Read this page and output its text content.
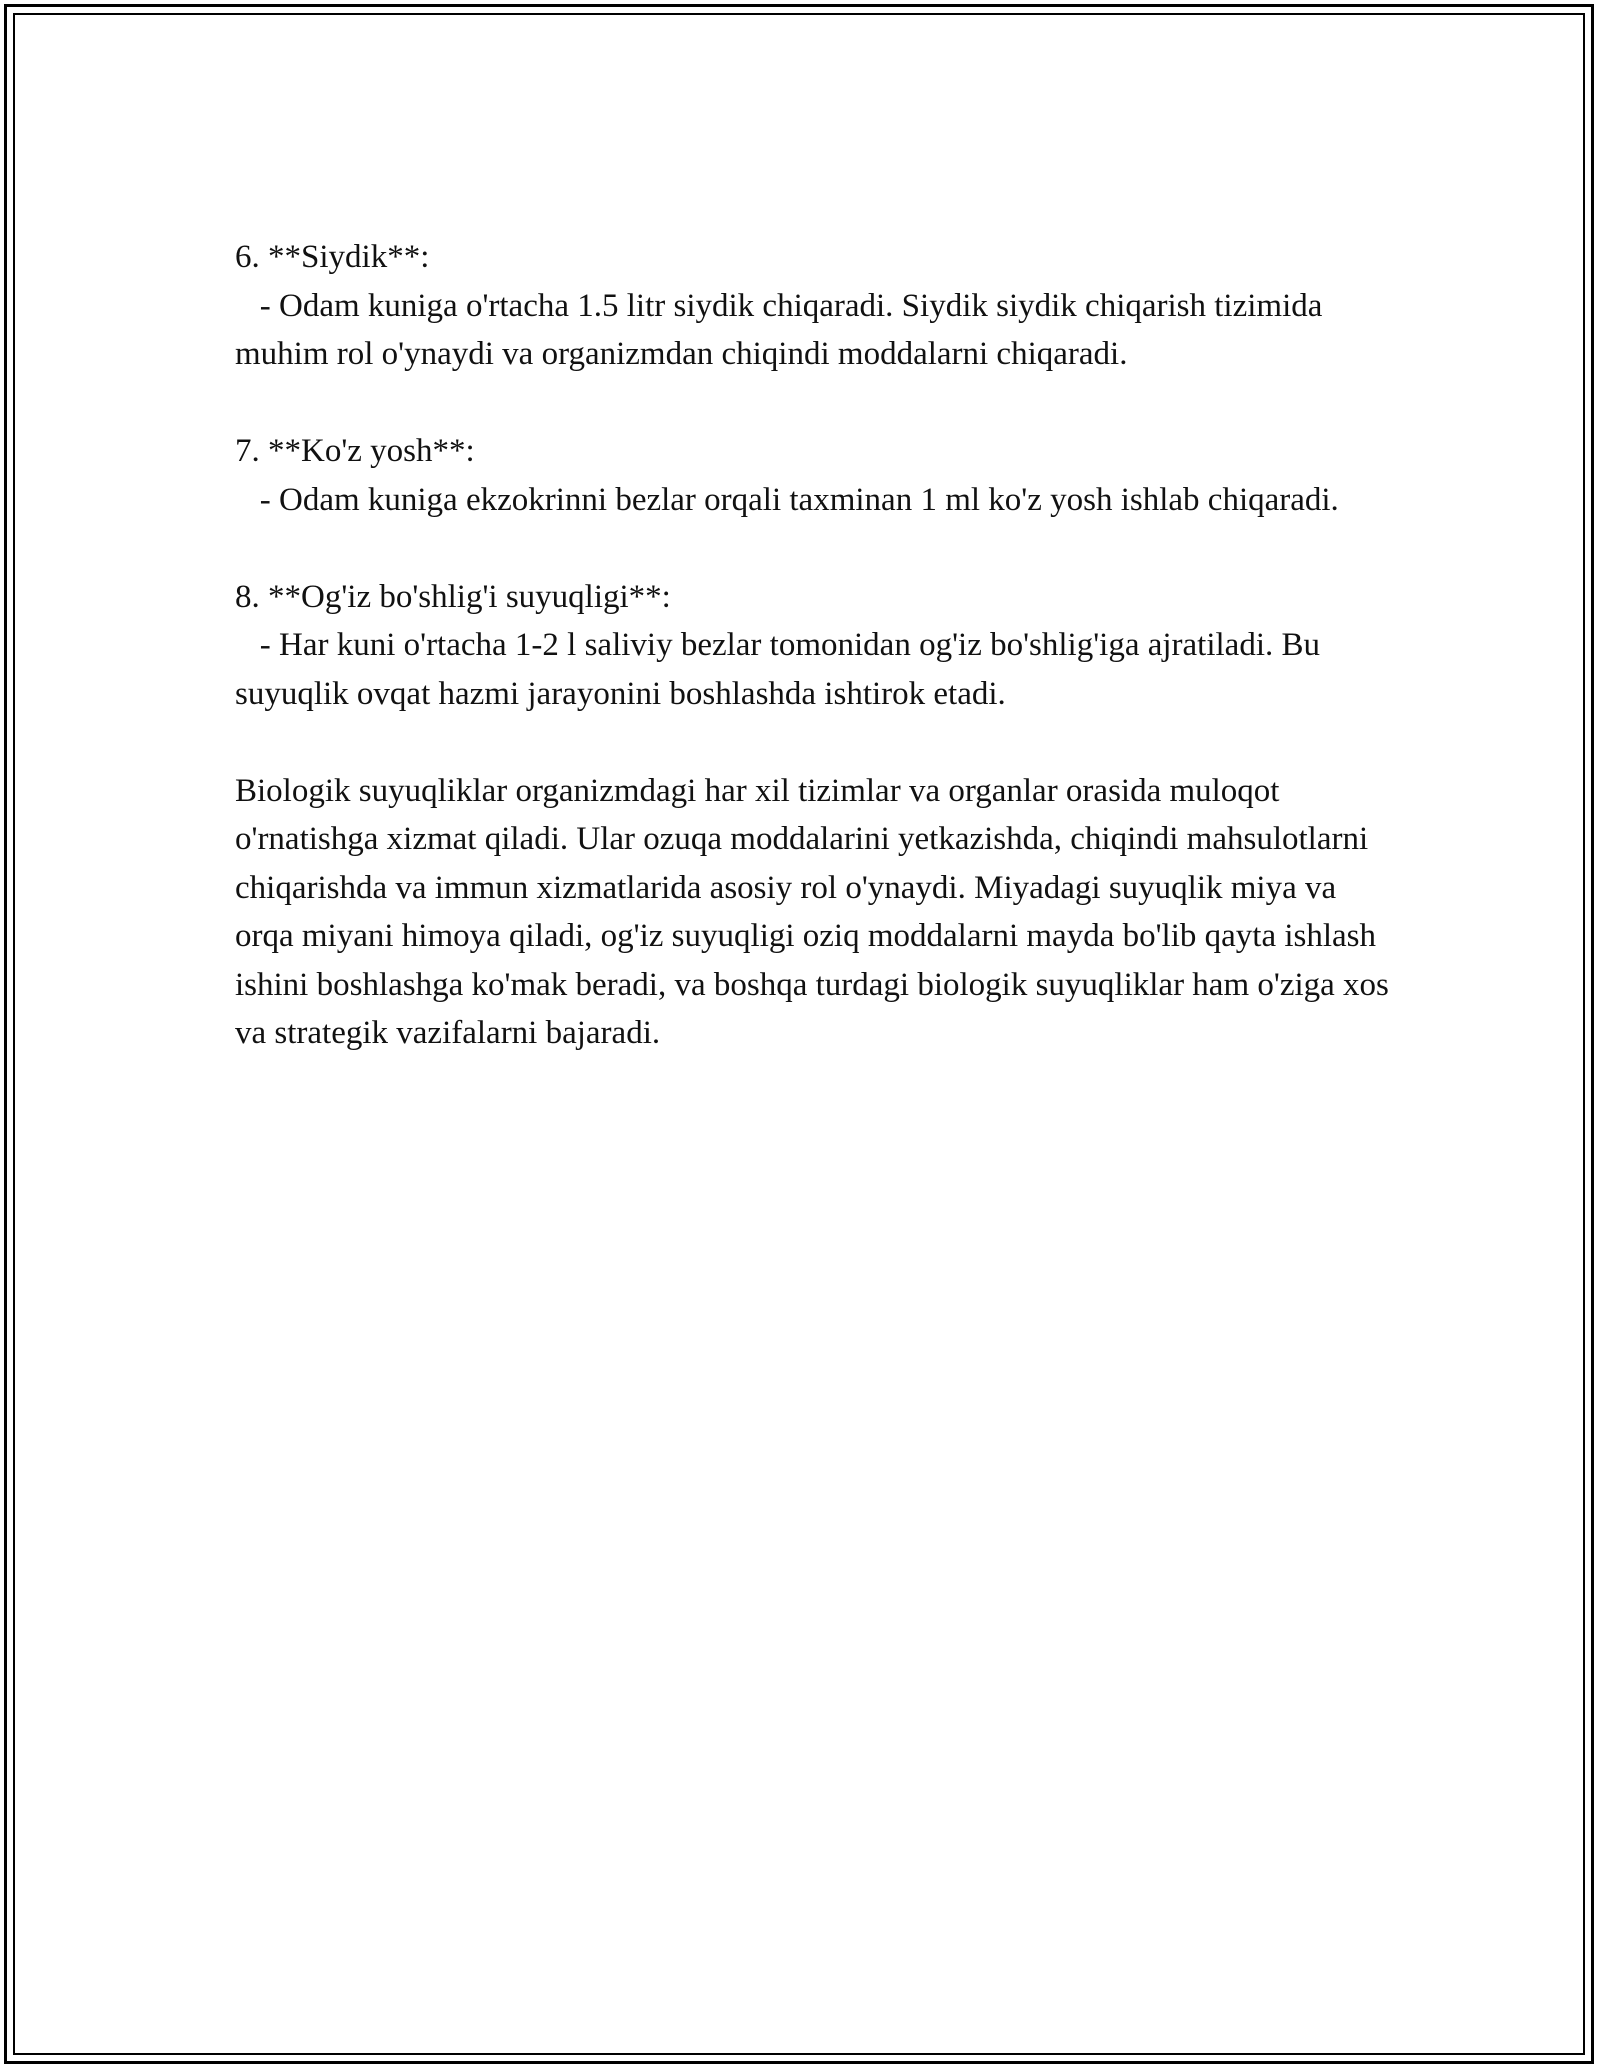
6. **Siydik**:

- Odam kuniga o'rtacha 1.5 litr siydik chiqaradi. Siydik siydik chiqarish tizimida muhim rol o'ynaydi va organizmdan chiqindi moddalarni chiqaradi.

7. **Ko'z yosh**:

- Odam kuniga ekzokrinni bezlar orqali taxminan 1 ml ko'z yosh ishlab chiqaradi.

8. **Og'iz bo'shlig'i suyuqligi**:

- Har kuni o'rtacha 1-2 l saliviy bezlar tomonidan og'iz bo'shlig'iga ajratiladi. Bu suyuqlik ovqat hazmi jarayonini boshlashda ishtirok etadi.

Biologik suyuqliklar organizmdagi har xil tizimlar va organlar orasida muloqot o'rnatishga xizmat qiladi. Ular ozuqa moddalarini yetkazishda, chiqindi mahsulotlarni chiqarishda va immun xizmatlarida asosiy rol o'ynaydi. Miyadagi suyuqlik miya va orqa miyani himoya qiladi, og'iz suyuqligi oziq moddalarni mayda bo'lib qayta ishlash ishini boshlashga ko'mak beradi, va boshqa turdagi biologik suyuqliklar ham o'ziga xos va strategik vazifalarni bajaradi.
